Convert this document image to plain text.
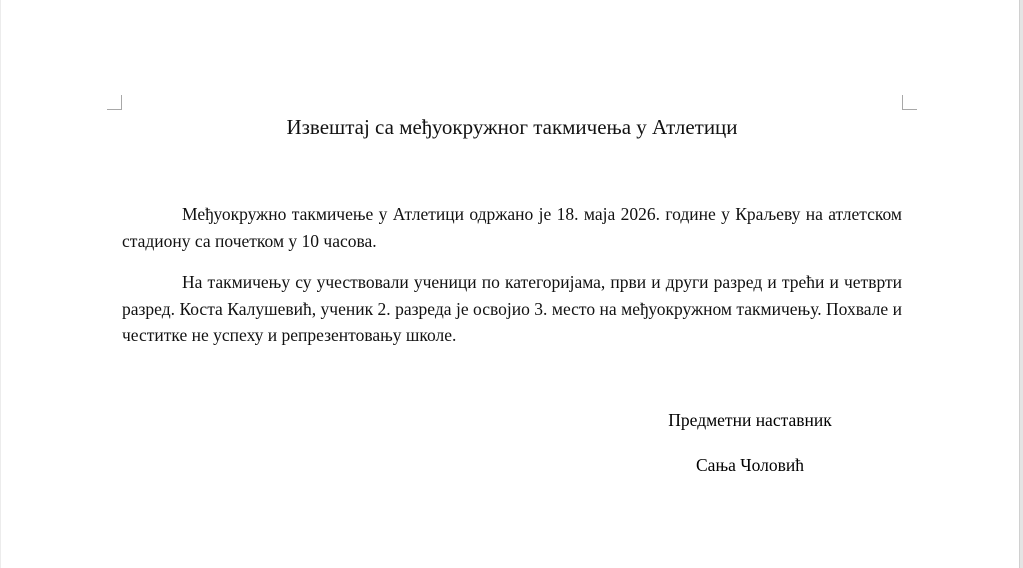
Извештај са међуокружног такмичења у Атлетици

Међуокружно такмичење у Атлетици одржано је 18. маја 2026. године у Краљеву на атлетском стадиону са почетком у 10 часова.

На такмичењу су учествовали ученици по категоријама, први и други разред и трећи и четврти разред. Коста Калушевић, ученик 2. разреда је освојио 3. место на међуокружном такмичењу. Похвале и честитке не успеху и репрезентовању школе.

Предметни наставник
Сања Чоловић
